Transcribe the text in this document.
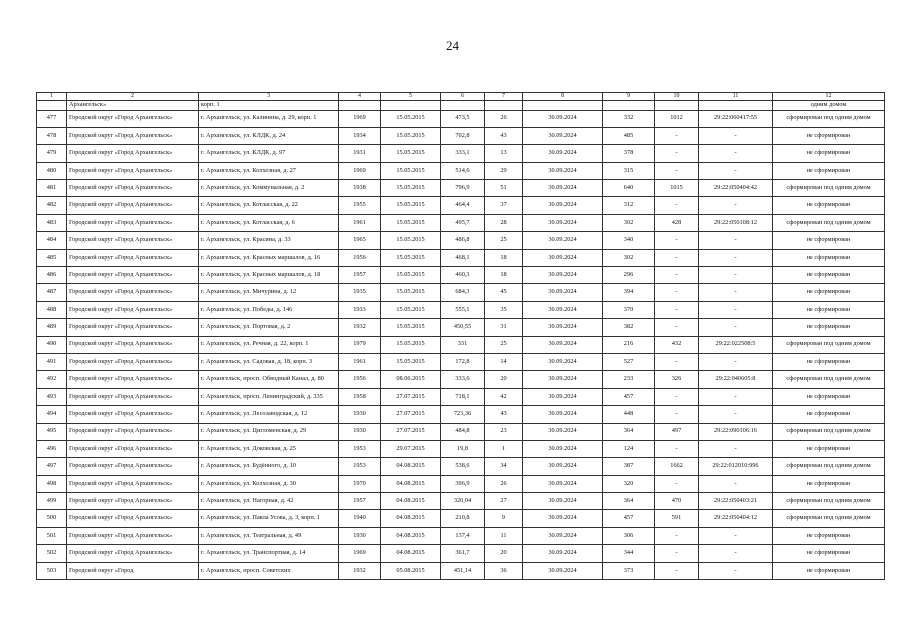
24
1	2	3	4	5	6	7	8	9	10	11	12
	Архангельск»	корп. 1									одним домом
477	Городской округ «Город Архангельск»	г. Архангельск, ул. Калинина, д. 29, корп. 1	1969	15.05.2015	473,5	26	30.09.2024	332	1012	29:22:060417:55	сформирован под одним домом
478	Городской округ «Город Архангельск»	г. Архангельск, ул. КЛДК, д. 24	1934	15.05.2015	702,8	43	30.09.2024	485	-	-	не сформирован
479	Городской округ «Город Архангельск»	г. Архангельск, ул. КЛДК, д. 97	1931	15.05.2015	333,1	13	30.09.2024	378	-	-	не сформирован
480	Городской округ «Город Архангельск»	г. Архангельск, ул. Колхозная, д. 27	1969	15.05.2015	514,6	29	30.09.2024	315	-	-	не сформирован
481	Городской округ «Город Архангельск»	г. Архангельск, ул. Коммунальная, д. 2	1938	15.05.2015	796,9	51	30.09.2024	640	1015	29:22:050404:42	сформирован под одним домом
482	Городской округ «Город Архангельск»	г. Архангельск, ул. Котласская, д. 22	1955	15.05.2015	464,4	37	30.09.2024	312	-	-	не сформирован
483	Городской округ «Город Архангельск»	г. Архангельск, ул. Котласская, д. 6	1961	15.05.2015	495,7	28	30.09.2024	302	428	29:22:050108:12	сформирован под одним домом
484	Городской округ «Город Архангельск»	г. Архангельск, ул. Красина, д. 33	1965	15.05.2015	486,8	25	30.09.2024	340	-	-	не сформирован
485	Городской округ «Город Архангельск»	г. Архангельск, ул. Красных маршалов, д. 16	1956	15.05.2015	468,1	18	30.09.2024	302	-	-	не сформирован
486	Городской округ «Город Архангельск»	г. Архангельск, ул. Красных маршалов, д. 18	1957	15.05.2015	460,3	18	30.09.2024	296	-	-	не сформирован
487	Городской округ «Город Архангельск»	г. Архангельск, ул. Мичурина, д. 12	1935	15.05.2015	684,3	45	30.09.2024	394	-	-	не сформирован
488	Городской округ «Город Архангельск»	г. Архангельск, ул. Победы, д. 146	1933	15.05.2015	555,1	35	30.09.2024	370	-	-	не сформирован
489	Городской округ «Город Архангельск»	г. Архангельск, ул. Портовая, д. 2	1932	15.05.2015	450,55	31	30.09.2024	382	-	-	не сформирован
490	Городской округ «Город Архангельск»	г. Архангельск, ул. Речная, д. 22, корп. 1	1979	15.05.2015	331	25	30.09.2024	216	432	29:22:022508:5	сформирован под одним домом
491	Городской округ «Город Архангельск»	г. Архангельск, ул. Садовая, д. 18, корп. 3	1961	15.05.2015	172,8	14	30.09.2024	527	-	-	не сформирован
492	Городской округ «Город Архангельск»	г. Архангельск, просп. Обводный Канал, д. 80	1956	08.06.2015	333,6	20	30.09.2024	233	326	29:22:040605:8	сформирован под одним домом
493	Городской округ «Город Архангельск»	г. Архангельск, просп. Ленинградский, д. 335	1958	27.07.2015	718,1	42	30.09.2024	457	-	-	не сформирован
494	Городской округ «Город Архангельск»	г. Архангельск, ул. Лесозаводская, д. 12	1930	27.07.2015	723,36	43	30.09.2024	448	-	-	не сформирован
495	Городской округ «Город Архангельск»	г. Архангельск, ул. Цигломенская, д. 29	1930	27.07.2015	484,8	23	30.09.2024	364	497	29:22:090106:16	сформирован под одним домом
496	Городской округ «Город Архангельск»	г. Архангельск, ул. Доковская, д. 25	1953	29.07.2015	19,8	1	30.09.2024	124	-	-	не сформирован
497	Городской округ «Город Архангельск»	г. Архангельск, ул. Будённого, д. 10	1953	04.08.2015	538,6	34	30.09.2024	387	1662	29:22:012010:996	сформирован под одним домом
498	Городской округ «Город Архангельск»	г. Архангельск, ул. Колхозная, д. 30	1970	04.08.2015	396,9	26	30.09.2024	320	-	-	не сформирован
499	Городской округ «Город Архангельск»	г. Архангельск, ул. Нагорная, д. 42	1957	04.08.2015	320,04	27	30.09.2024	364	470	29:22:050403:21	сформирован под одним домом
500	Городской округ «Город Архангельск»	г. Архангельск, ул. Павла Усова, д. 3, корп. 1	1940	04.08.2015	210,8	9	30.09.2024	457	591	29:22:050404:12	сформирован под одним домом
501	Городской округ «Город Архангельск»	г. Архангельск, ул. Театральная, д. 49	1930	04.08.2015	137,4	11	30.09.2024	306	-	-	не сформирован
502	Городской округ «Город Архангельск»	г. Архангельск, ул. Транспортная, д. 14	1969	04.08.2015	361,7	20	30.09.2024	344	-	-	не сформирован
503	Городской округ «Город	г. Архангельск, просп. Советских	1932	05.08.2015	451,14	36	30.09.2024	373	-	-	не сформирован
